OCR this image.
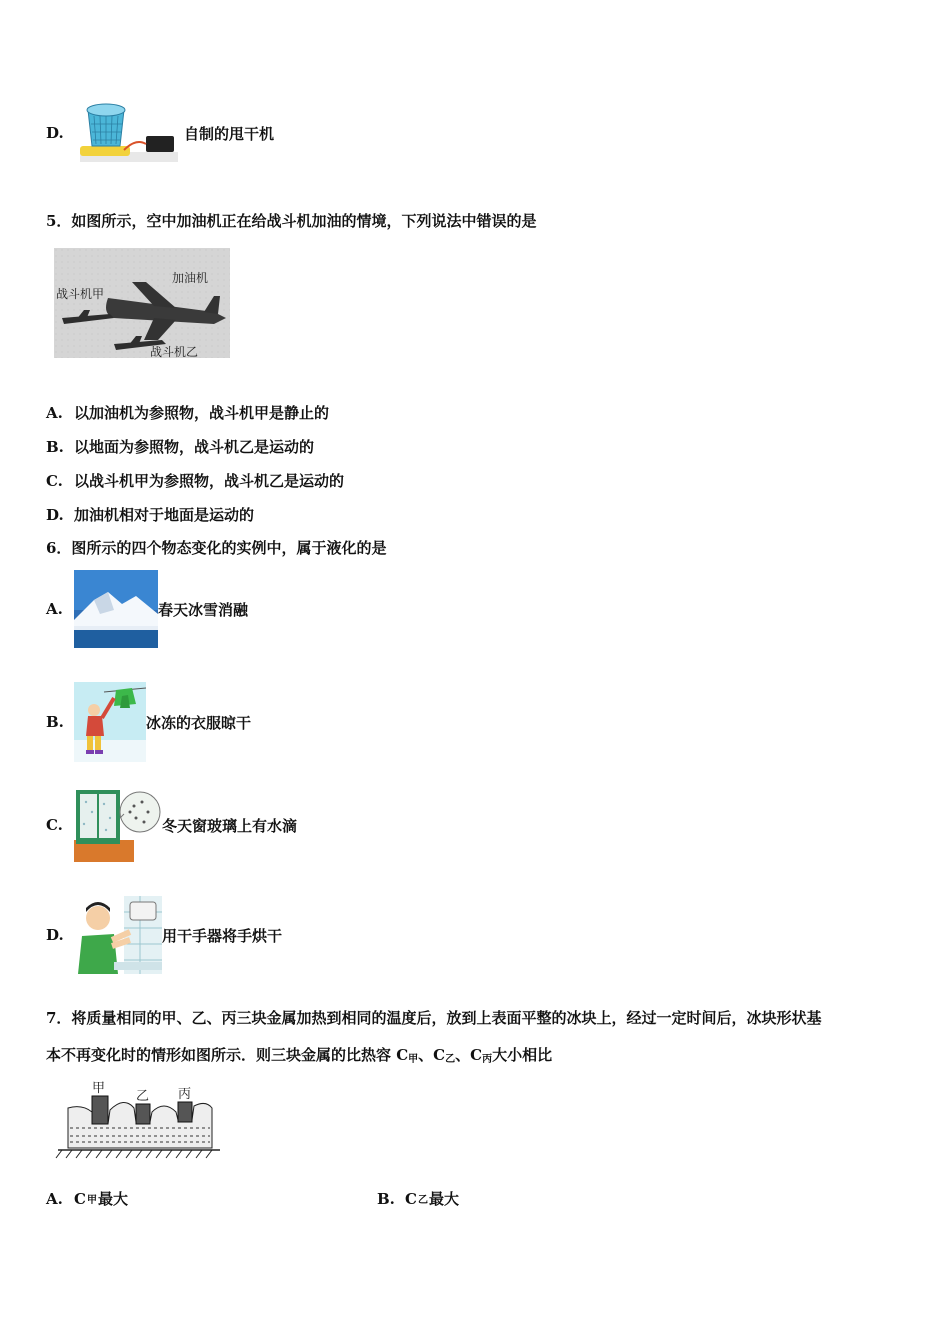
D.	自制的甩干机
5．如图所示，空中加油机正在给战斗机加油的情境，下列说法中错误的是
加油机
战斗机甲
战斗机乙
A. 以加油机为参照物，战斗机甲是静止的
B. 以地面为参照物，战斗机乙是运动的
C. 以战斗机甲为参照物，战斗机乙是运动的
D. 加油机相对于地面是运动的
6．图所示的四个物态变化的实例中，属于液化的是
A.	春天冰雪消融
B.	冰冻的衣服晾干
C.	冬天窗玻璃上有水滴
D.	用干手器将手烘干
7．将质量相同的甲、乙、丙三块金属加热到相同的温度后，放到上表面平整的冰块上，经过一定时间后，冰块形状基
本不再变化时的情形如图所示．则三块金属的比热容 $C_甲$、$C_乙$、$C_丙$大小相比
甲
乙 丙
A. C 甲 最大	B. C 乙 最大
